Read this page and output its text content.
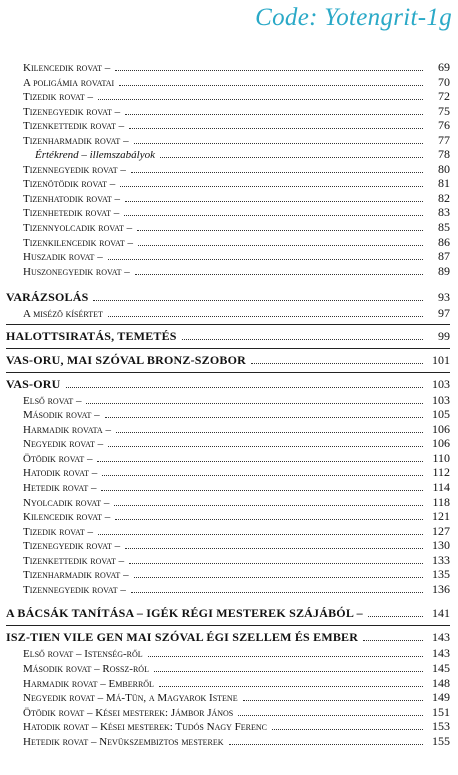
Code: Yotengrit-1g
Kilencedik rovat –	69
A poligámia rovatai	70
Tizedik rovat –	72
Tizenegyedik rovat –	75
Tizenkettedik rovat –	76
Tizenharmadik rovat –	77
Értékrend – illemszabályok	78
Tizennegyedik rovat –	80
Tizenötödik rovat –	81
Tizenhatodik rovat –	82
Tizenhetedik rovat –	83
Tizennyolcadik rovat –	85
Tizenkilencedik rovat –	86
Huszadik rovat –	87
Huszonegyedik rovat –	89
VARÁZSOLÁS	93
A misézõ kísértet	97
HALOTTSIRATÁS, TEMETÉS	99
VAS-ORU, MAI SZÓVAL BRONZ-SZOBOR	101
VAS-ORU	103
Első rovat –	103
Második rovat –	105
Harmadik rovata –	106
Negyedik rovat –	106
Ötödik rovat –	110
Hatodik rovat –	112
Hetedik rovat –	114
Nyolcadik rovat –	118
Kilencedik rovat –	121
Tizedik rovat –	127
Tizenegyedik rovat –	130
Tizenkettedik rovat –	133
Tizenharmadik rovat –	135
Tizennegyedik rovat –	136
A BÁCSÁK TANÍTÁSA – IGÉK RÉGI MESTEREK SZÁJÁBÓL –	141
ISZ-TIEN VILE GEN MAI SZÓVAL ÉGI SZELLEM ÉS EMBER	143
Első rovat – Istenség-ről	143
Második rovat – Rossz-ról	145
Harmadik rovat – Emberről	148
Negyedik rovat – Má-Tün, a Magyarok Istene	149
Ötödik rovat – Kései mesterek: Jámbor János	151
Hatodik rovat – Kései mesterek: Tudós Nagy Ferenc	153
Hetedik rovat – Nevükszembiztos mesterek	155
